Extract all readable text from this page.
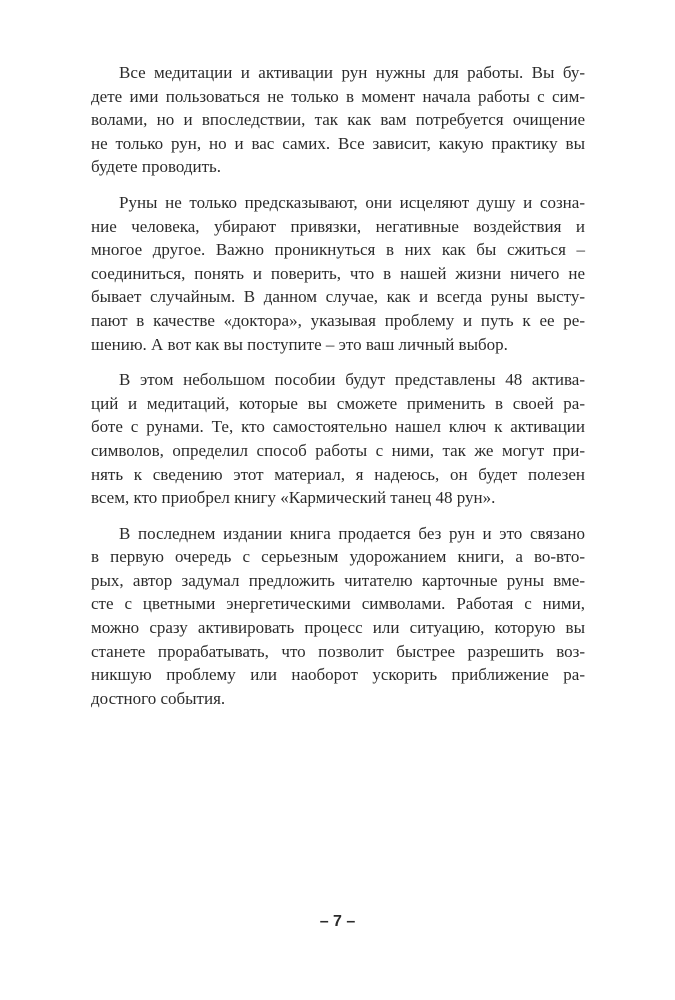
Все медитации и активации рун нужны для работы. Вы бу-
дете ими пользоваться не только в момент начала работы с сим-
волами, но и впоследствии, так как вам потребуется очищение
не только рун, но и вас самих. Все зависит, какую практику вы
будете проводить.

Руны не только предсказывают, они исцеляют душу и созна-
ние человека, убирают привязки, негативные воздействия и
многое другое. Важно проникнуться в них как бы сжиться –
соединиться, понять и поверить, что в нашей жизни ничего не
бывает случайным. В данном случае, как и всегда руны высту-
пают в качестве «доктора», указывая проблему и путь к ее ре-
шению. А вот как вы поступите – это ваш личный выбор.

В этом небольшом пособии будут представлены 48 актива-
ций и медитаций, которые вы сможете применить в своей ра-
боте с рунами. Те, кто самостоятельно нашел ключ к активации
символов, определил способ работы с ними, так же могут при-
нять к сведению этот материал, я надеюсь, он будет полезен
всем, кто приобрел книгу «Кармический танец 48 рун».

В последнем издании книга продается без рун и это связано
в первую очередь с серьезным удорожанием книги, а во-вто-
рых, автор задумал предложить читателю карточные руны вме-
сте с цветными энергетическими символами. Работая с ними,
можно сразу активировать процесс или ситуацию, которую вы
станете прорабатывать, что позволит быстрее разрешить воз-
никшую проблему или наоборот ускорить приближение ра-
достного события.

– 7 –
